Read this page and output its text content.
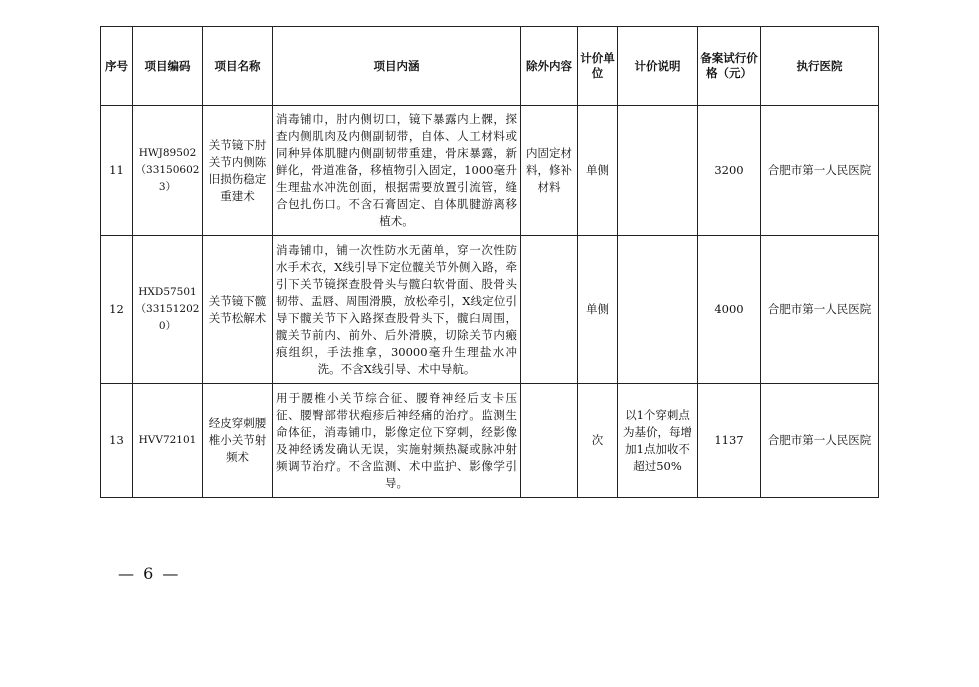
序号	项目编码	项目名称	项目内涵	除外内容	计价单位	计价说明	备案试行价格（元）	执行医院
11	HWJ89502（331506023）	关节镜下肘关节内侧陈旧损伤稳定重建术	消毒铺巾，肘内侧切口，镜下暴露内上髁，探查内侧肌肉及内侧副韧带，自体、人工材料或同种异体肌腱内侧副韧带重建，骨床暴露，新鲜化，骨道准备，移植物引入固定，1000毫升生理盐水冲洗创面，根据需要放置引流管，缝合包扎伤口。不含石膏固定、自体肌腱游离移植术。	内固定材料，修补材料	单侧		3200	合肥市第一人民医院
12	HXD57501（331512020）	关节镜下髋关节松解术	消毒铺巾，铺一次性防水无菌单，穿一次性防水手术衣，X线引导下定位髋关节外侧入路，牵引下关节镜探查股骨头与髋臼软骨面、股骨头韧带、盂唇、周围滑膜，放松牵引，X线定位引导下髋关节下入路探查股骨头下，髋臼周围，髋关节前内、前外、后外滑膜，切除关节内瘢痕组织，手法推拿，30000毫升生理盐水冲洗。不含X线引导、术中导航。		单侧		4000	合肥市第一人民医院
13	HVV72101	经皮穿刺腰椎小关节射频术	用于腰椎小关节综合征、腰脊神经后支卡压征、腰臀部带状疱疹后神经痛的治疗。监测生命体征，消毒铺巾，影像定位下穿刺，经影像及神经诱发确认无误，实施射频热凝或脉冲射频调节治疗。不含监测、术中监护、影像学引导。		次	以1个穿刺点为基价，每增加1点加收不超过50%	1137	合肥市第一人民医院
— 6 —
